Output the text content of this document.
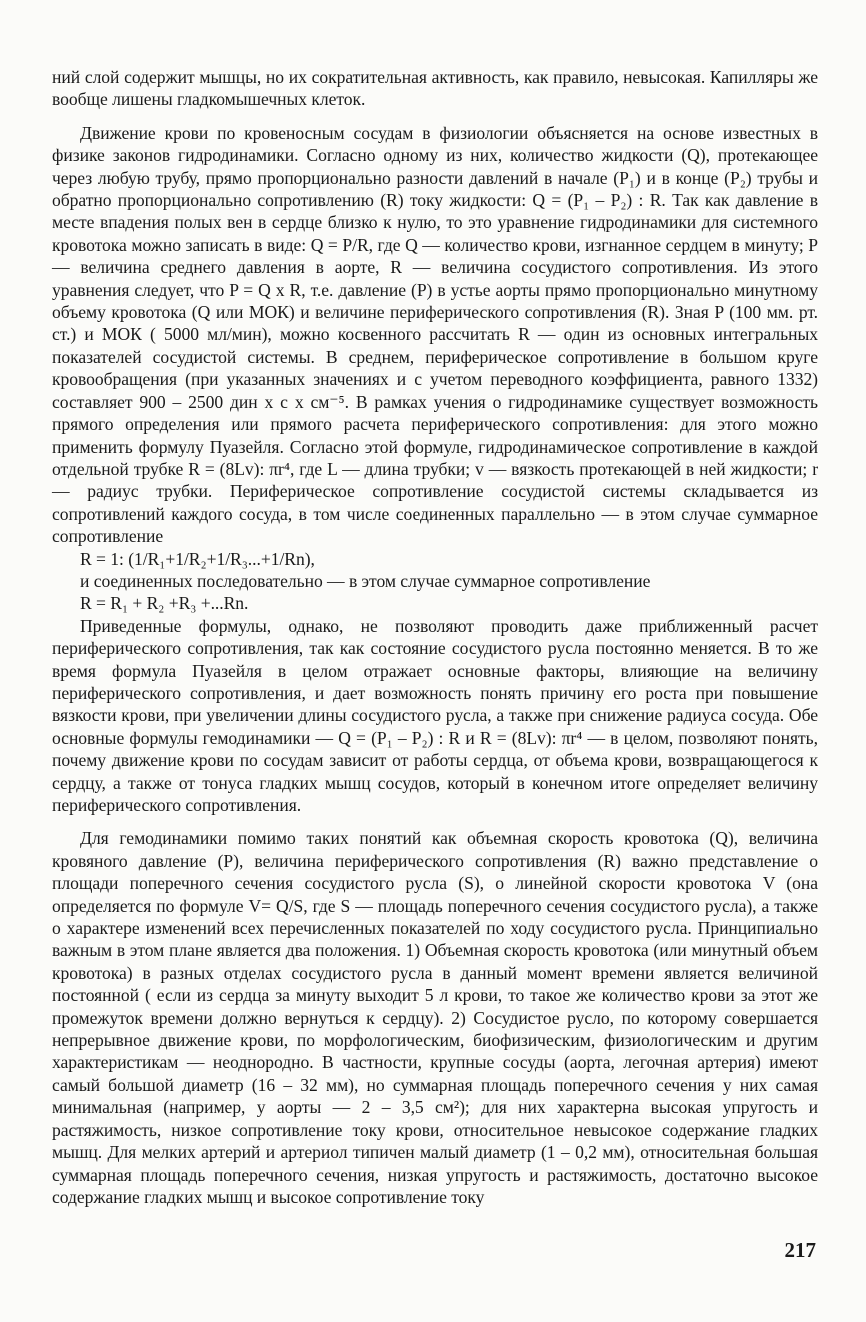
ний слой содержит мышцы, но их сократительная активность, как правило, невысокая. Капилляры же вообще лишены гладкомышечных клеток.

Движение крови по кровеносным сосудам в физиологии объясняется на основе известных в физике законов гидродинамики. Согласно одному из них, количество жидкости (Q), протекающее через любую трубу, прямо пропорционально разности давлений в начале (P₁) и в конце (P₂) трубы и обратно пропорционально сопротивлению (R) току жидкости: Q = (P₁ – P₂) : R. Так как давление в месте впадения полых вен в сердце близко к нулю, то это уравнение гидродинамики для системного кровотока можно записать в виде: Q = P/R, где Q — количество крови, изгнанное сердцем в минуту; P — величина среднего давления в аорте, R — величина сосудистого сопротивления. Из этого уравнения следует, что P = Q x R, т.е. давление (P) в устье аорты прямо пропорционально минутному объему кровотока (Q или МОК) и величине периферического сопротивления (R). Зная P (100 мм. рт. ст.) и МОК ( 5000 мл/мин), можно косвенного рассчитать R — один из основных интегральных показателей сосудистой системы. В среднем, периферическое сопротивление в большом круге кровообращения (при указанных значениях и с учетом переводного коэффициента, равного 1332) составляет 900 – 2500 дин х с х см⁻⁵. В рамках учения о гидродинамике существует возможность прямого определения или прямого расчета периферического сопротивления: для этого можно применить формулу Пуазейля. Согласно этой формуле, гидродинамическое сопротивление в каждой отдельной трубке R = (8Lv): πr⁴, где L — длина трубки; v — вязкость протекающей в ней жидкости; r — радиус трубки. Периферическое сопротивление сосудистой системы складывается из сопротивлений каждого сосуда, в том числе соединенных параллельно — в этом случае суммарное сопротивление

R = 1: (1/R₁+1/R₂+1/R₃...+1/Rn),

и соединенных последовательно — в этом случае суммарное сопротивление

R = R₁ + R₂ +R₃ +...Rn.

Приведенные формулы, однако, не позволяют проводить даже приближенный расчет периферического сопротивления, так как состояние сосудистого русла постоянно меняется. В то же время формула Пуазейля в целом отражает основные факторы, влияющие на величину периферического сопротивления, и дает возможность понять причину его роста при повышение вязкости крови, при увеличении длины сосудистого русла, а также при снижение радиуса сосуда. Обе основные формулы гемодинамики — Q = (P₁ – P₂) : R и R = (8Lv): πr⁴ — в целом, позволяют понять, почему движение крови по сосудам зависит от работы сердца, от объема крови, возвращающегося к сердцу, а также от тонуса гладких мышц сосудов, который в конечном итоге определяет величину периферического сопротивления.

Для гемодинамики помимо таких понятий как объемная скорость кровотока (Q), величина кровяного давление (P), величина периферического сопротивления (R) важно представление о площади поперечного сечения сосудистого русла (S), о линейной скорости кровотока V (она определяется по формуле V= Q/S, где S — площадь поперечного сечения сосудистого русла), а также о характере изменений всех перечисленных показателей по ходу сосудистого русла. Принципиально важным в этом плане является два положения. 1) Объемная скорость кровотока (или минутный объем кровотока) в разных отделах сосудистого русла в данный момент времени является величиной постоянной ( если из сердца за минуту выходит 5 л крови, то такое же количество крови за этот же промежуток времени должно вернуться к сердцу). 2) Сосудистое русло, по которому совершается непрерывное движение крови, по морфологическим, биофизическим, физиологическим и другим характеристикам — неоднородно. В частности, крупные сосуды (аорта, легочная артерия) имеют самый большой диаметр (16 – 32 мм), но суммарная площадь поперечного сечения у них самая минимальная (например, у аорты — 2 – 3,5 см²); для них характерна высокая упругость и растяжимость, низкое сопротивление току крови, относительное невысокое содержание гладких мышц. Для мелких артерий и артериол типичен малый диаметр (1 – 0,2 мм), относительная большая суммарная площадь поперечного сечения, низкая упругость и растяжимость, достаточно высокое содержание гладких мышц и высокое сопротивление току

217
